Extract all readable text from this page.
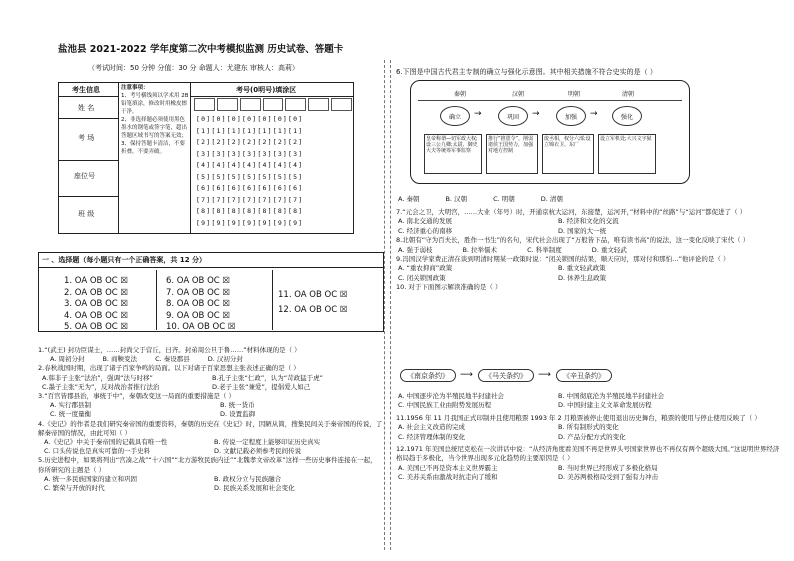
盐池县 2021-2022 学年度第二次中考模拟监测 历史试卷、答题卡
（考试时间：50 分钟 分值：30 分 命题人：尤建东 审核人：高莉）
考生信息
姓 名
考 场
座位号
班 级
注意事项：
1、考号横线须以学术用 2B 铅笔填涂，修改时用橡皮擦干净。
2、非选择题必须使用黑色墨水的钢笔或签字笔，超出答题区域书写的答案无效；
3、保持答题卡清洁，不要折叠，不要弄破。
考号(0明号)填涂区
[0][0][0][0][0][0][0]
[1][1][1][1][1][1][1]
[2][2][2][2][2][2][2]
[3][3][3][3][3][3][3]
[4][4][4][4][4][4][4]
[5][5][5][5][5][5][5]
[6][6][6][6][6][6][6]
[7][7][7][7][7][7][7]
[8][8][8][8][8][8][8]
[9][9][9][9][9][9][9]
一 、选择题（每小题只有一个正确答案，共 12 分）
1. OA OB OC ☒
2. OA OB OC ☒
3. OA OB OC ☒
4. OA OB OC ☒
5. OA OB OC ☒
6. OA OB OC ☒
7. OA OB OC ☒
8. OA OB OC ☒
9. OA OB OC ☒
10. OA OB OC ☒
11. OA OB OC ☒
12. OA OB OC ☒
1.“(武王) 封功臣谋士，……封尚父于营丘，曰齐。封弟周公旦于鲁……”材料体现的是（ ）
A. 周初分封	B. 商鞅变法	C. 秦设郡县	D. 汉初分封
2.春秋战国时期，出现了诸子百家争鸣的局面。以下对诸子百家思想主张表述正确的是（ ）
A.韩非子主张“法治”，强调“法与时移”	B.孔子主张“仁政”，认为“苛政猛于虎”
C.墨子主张“无为”，反对战治者推行法治	D.老子主张“兼爱”，提倡爱人如己
3.“百官皆郡县治，事统于中”，秦朝改变这一局面的重要措施是（ ）
A. 实行郡县制	B. 统一货币
C. 统一度量衡	D. 设置监御
4.《史记》的作者是我们研究秦帝国的重要资料，秦朝的历史在《史记》时，因陋从简，搜集民间关于秦帝国的传说，了解秦帝国的情况，由此可知（ ）
A.《史记》中关于秦帝国的记载具有唯一性	B. 传说一定程度上能够印证历史真实
C. 口头传说也是真实可靠的一手史料	D. 文献记载必须参考民间传说
5.历史进程中，如果将列出“宫凑之战”“十六国”“北方游牧民族内迁”“北魏孝文帝改革”这样一些历史事件连接在一起，你所研究的主题是（ ）
A. 统一多民族国家的建立和巩固	B. 政权分立与民族融合
C. 繁荣与开放的时代	D. 民族关系发展和社会变化
6.下图是中国古代君主专制的确立与强化示意图。其中相关措施不符合史实的是（ ）
秦朝	汉朝	明朝	清朝
确立	→	巩固	→	加强	→	强化
皇帝称谓—切军政大权;设三公九卿;太尉、御史大夫等统筹军事监察
推行“推恩令”，削弱诸侯王国势力，加强对地方控制
废丞相，权分六部;设立锦衣卫、东厂
设立军机处;大兴文字狱
A. 秦朝	B. 汉朝	C. 明朝	D. 清朝
7.“元会之卫，大明宫，……大业（年号）时，开通京杭大运河，东接楚，运河开，”材料中的“丝路”与“运河”都促进了（ ）
A. 南北交通的发展	B. 经济和文化的交流
C. 经济重心的南移	D. 国家的大一统
8.北朝有“守为百夫长，胜作一书生”的名句，宋代社会出现了“万般皆下品，唯有读书高”的说法，这一变化反映了宋代（ ）
A. 强于弱枝	B. 拉举儒术	C. 科举制度	D. 重文轻武
9.冯国汉学家费正清在谈到明清时期某一政策时说：“闭关锁国的结果，顺天应时，那对付和那怕…”他评论的是（ ）
A. “重农抑商”政策	B. 重文轻武政策
C. 闭关锁国政策	D. 休养生息政策
10. 对于下面图示解读准确的是（ ）
《南京条约》	⟶	《马关条约》	⟶	《辛丑条约》
A. 中国逐步沦为半殖民地半封建社会	B. 中国彻底沦为半殖民地半封建社会
C. 中国民族工业由附势发展历程	D. 中国封建主义文革命发展历程
11.1956 年 11 月我国正式印制并且使用粮票 1993 年 2 月粮票被停止使用退出历史舞台，粮票的使用与停止使用反映了（ ）
A. 社会主义改造的完成	B. 所有制形式的变化
C. 经济管理体制的变化	D. 产品分配方式的变化
12.1971 年美国总统尼克松在一次讲话中说：“从经济角度看美国不再是世界头号国家世界也不再仅有两个超级大国。”这说明世界经济格局趋于多极化，当今世界出现多元化趋势的主要原因是（ ）
A. 美国已不再是资本主义世界霸主	B. 当时世界已经形成了多极化格局
C. 美苏关系由激战对抗走向了缓和	D. 美苏两极格局受到了强有力冲击
